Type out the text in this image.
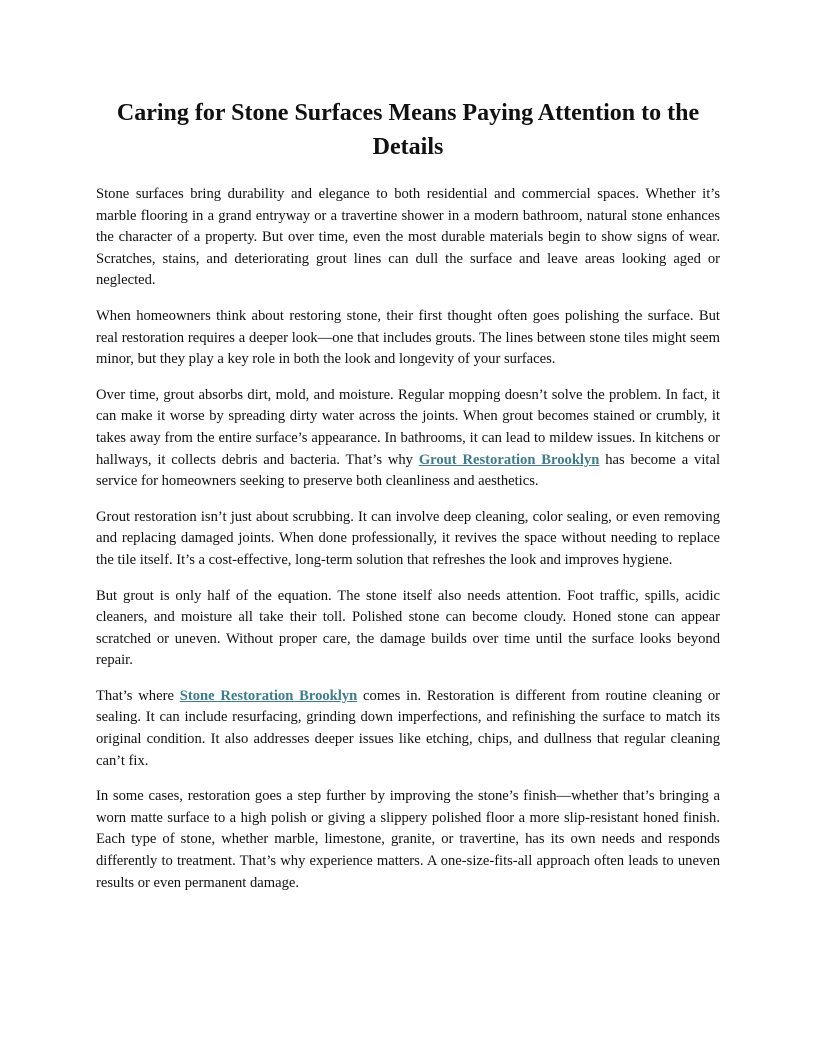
Caring for Stone Surfaces Means Paying Attention to the Details

Stone surfaces bring durability and elegance to both residential and commercial spaces. Whether it’s marble flooring in a grand entryway or a travertine shower in a modern bathroom, natural stone enhances the character of a property. But over time, even the most durable materials begin to show signs of wear. Scratches, stains, and deteriorating grout lines can dull the surface and leave areas looking aged or neglected.

When homeowners think about restoring stone, their first thought often goes polishing the surface. But real restoration requires a deeper look—one that includes grouts. The lines between stone tiles might seem minor, but they play a key role in both the look and longevity of your surfaces.

Over time, grout absorbs dirt, mold, and moisture. Regular mopping doesn’t solve the problem. In fact, it can make it worse by spreading dirty water across the joints. When grout becomes stained or crumbly, it takes away from the entire surface’s appearance. In bathrooms, it can lead to mildew issues. In kitchens or hallways, it collects debris and bacteria. That’s why Grout Restoration Brooklyn has become a vital service for homeowners seeking to preserve both cleanliness and aesthetics.

Grout restoration isn’t just about scrubbing. It can involve deep cleaning, color sealing, or even removing and replacing damaged joints. When done professionally, it revives the space without needing to replace the tile itself. It’s a cost-effective, long-term solution that refreshes the look and improves hygiene.

But grout is only half of the equation. The stone itself also needs attention. Foot traffic, spills, acidic cleaners, and moisture all take their toll. Polished stone can become cloudy. Honed stone can appear scratched or uneven. Without proper care, the damage builds over time until the surface looks beyond repair.

That’s where Stone Restoration Brooklyn comes in. Restoration is different from routine cleaning or sealing. It can include resurfacing, grinding down imperfections, and refinishing the surface to match its original condition. It also addresses deeper issues like etching, chips, and dullness that regular cleaning can’t fix.

In some cases, restoration goes a step further by improving the stone’s finish—whether that’s bringing a worn matte surface to a high polish or giving a slippery polished floor a more slip-resistant honed finish. Each type of stone, whether marble, limestone, granite, or travertine, has its own needs and responds differently to treatment. That’s why experience matters. A one-size-fits-all approach often leads to uneven results or even permanent damage.
